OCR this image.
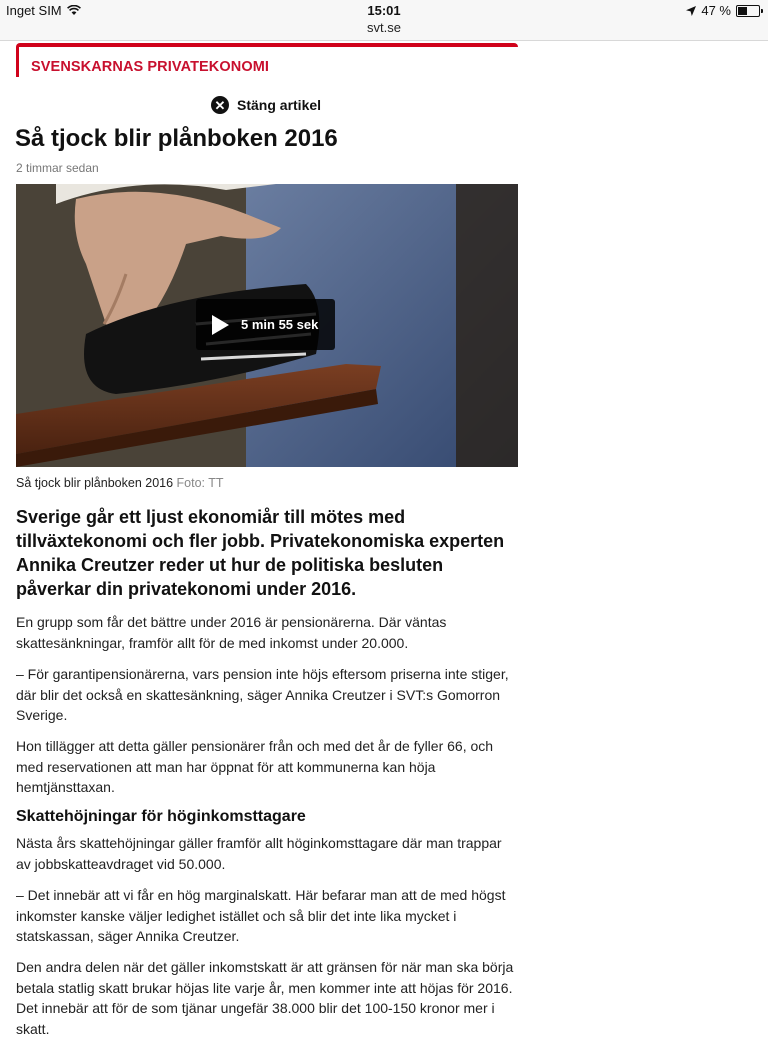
Inget SIM	15:01
svt.se
47 %
SVENSKARNAS PRIVATEKONOMI
✕ Stäng artikel
Så tjock blir plånboken 2016
2 timmar sedan
5 min 55 sek
Så tjock blir plånboken 2016 Foto: TT

Sverige går ett ljust ekonomiår till mötes med tillväxtekonomi och fler jobb. Privatekonomiska experten Annika Creutzer reder ut hur de politiska besluten påverkar din privatekonomi under 2016.

En grupp som får det bättre under 2016 är pensionärerna. Där väntas skattesänkningar, framför allt för de med inkomst under 20.000.

– För garantipensionärerna, vars pension inte höjs eftersom priserna inte stiger, där blir det också en skattesänkning, säger Annika Creutzer i SVT:s Gomorron Sverige.

Hon tillägger att detta gäller pensionärer från och med det år de fyller 66, och med reservationen att man har öppnat för att kommunerna kan höja hemtjänsttaxan.

Skattehöjningar för höginkomsttagare

Nästa års skattehöjningar gäller framför allt höginkomsttagare där man trappar av jobbskatteavdraget vid 50.000.

– Det innebär att vi får en hög marginalskatt. Här befarar man att de med högst inkomster kanske väljer ledighet istället och så blir det inte lika mycket i statskassan, säger Annika Creutzer.

Den andra delen när det gäller inkomstskatt är att gränsen för när man ska börja betala statlig skatt brukar höjas lite varje år, men kommer inte att höjas för 2016. Det innebär att för de som tjänar ungefär 38.000 blir det 100-150 kronor mer i skatt.
